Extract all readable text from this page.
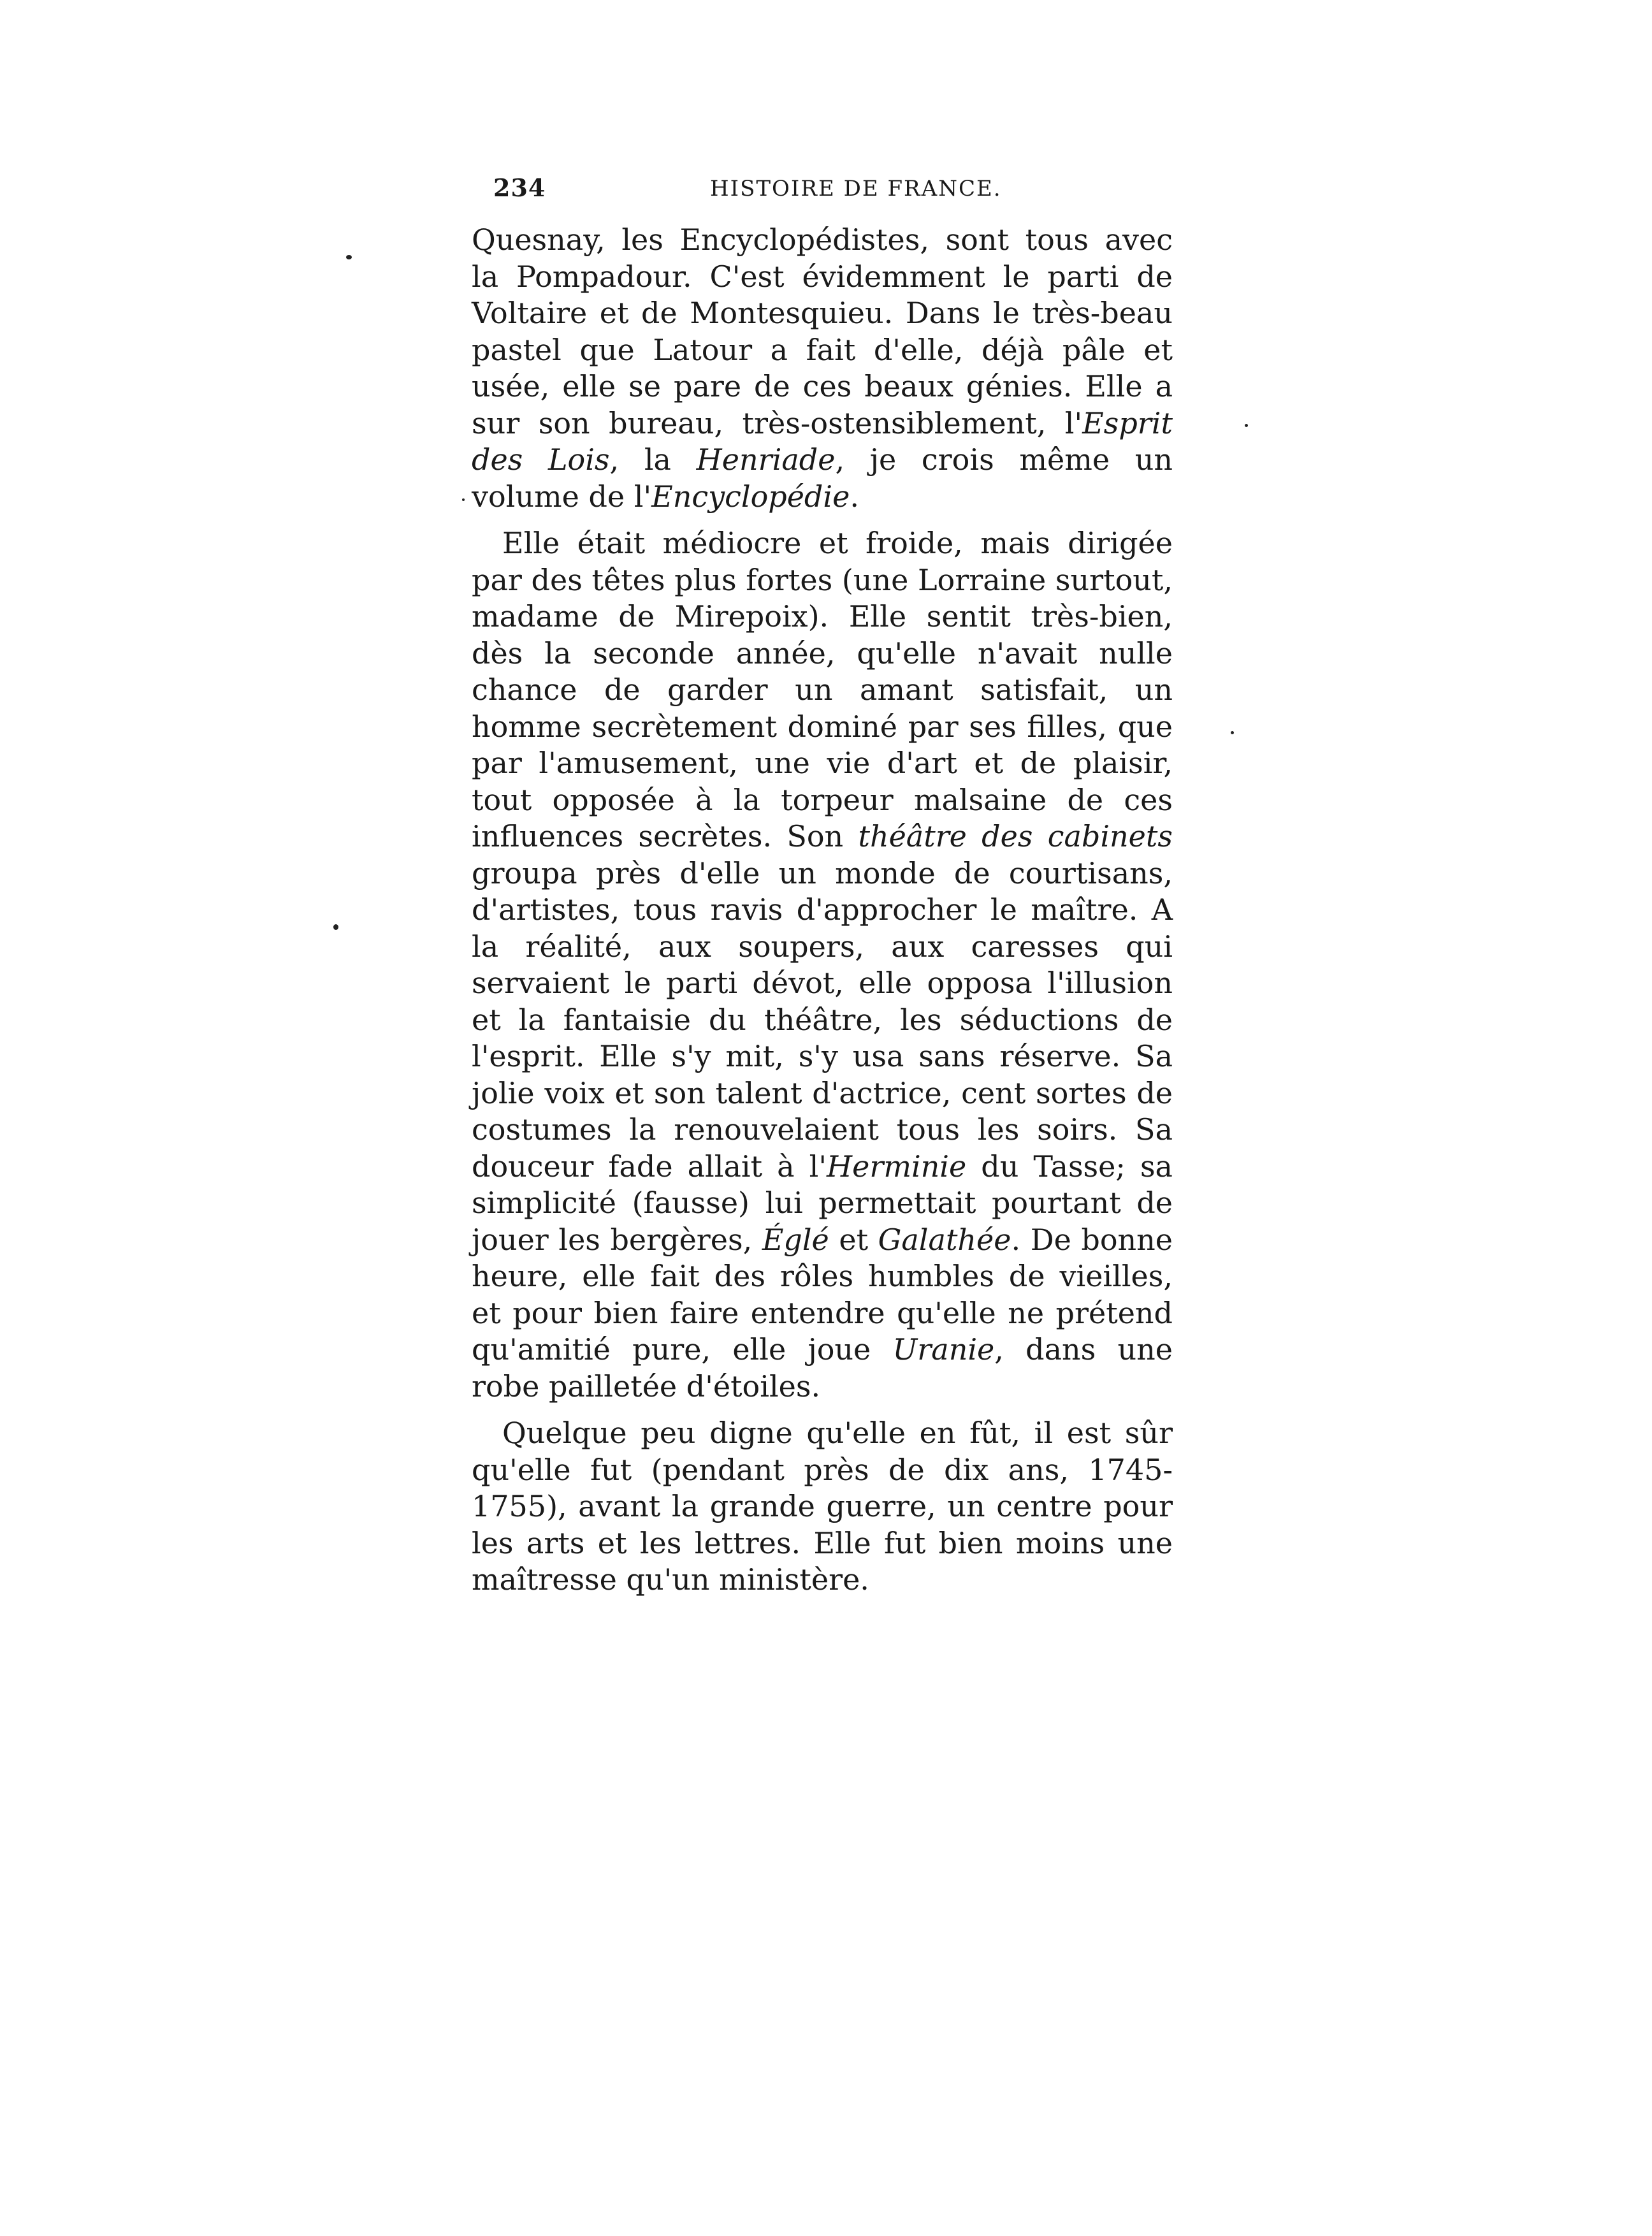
234	HISTOIRE DE FRANCE.

Quesnay, les Encyclopédistes, sont tous avec la Pompadour. C'est évidemment le parti de Voltaire et de Montesquieu. Dans le très-beau pastel que Latour a fait d'elle, déjà pâle et usée, elle se pare de ces beaux génies. Elle a sur son bureau, très-ostensiblement, l'Esprit des Lois, la Henriade, je crois même un volume de l'Encyclopédie.

Elle était médiocre et froide, mais dirigée par des têtes plus fortes (une Lorraine surtout, madame de Mirepoix). Elle sentit très-bien, dès la seconde année, qu'elle n'avait nulle chance de garder un amant satisfait, un homme secrètement dominé par ses filles, que par l'amusement, une vie d'art et de plaisir, tout opposée à la torpeur malsaine de ces influences secrètes. Son théâtre des cabinets groupa près d'elle un monde de courtisans, d'artistes, tous ravis d'approcher le maître. A la réalité, aux soupers, aux caresses qui servaient le parti dévot, elle opposa l'illusion et la fantaisie du théâtre, les séductions de l'esprit. Elle s'y mit, s'y usa sans réserve. Sa jolie voix et son talent d'actrice, cent sortes de costumes la renouvelaient tous les soirs. Sa douceur fade allait à l'Herminie du Tasse; sa simplicité (fausse) lui permettait pourtant de jouer les bergères, Églé et Galathée. De bonne heure, elle fait des rôles humbles de vieilles, et pour bien faire entendre qu'elle ne prétend qu'amitié pure, elle joue Uranie, dans une robe pailletée d'étoiles.

Quelque peu digne qu'elle en fût, il est sûr qu'elle fut (pendant près de dix ans, 1745-1755), avant la grande guerre, un centre pour les arts et les lettres. Elle fut bien moins une maîtresse qu'un ministère.
